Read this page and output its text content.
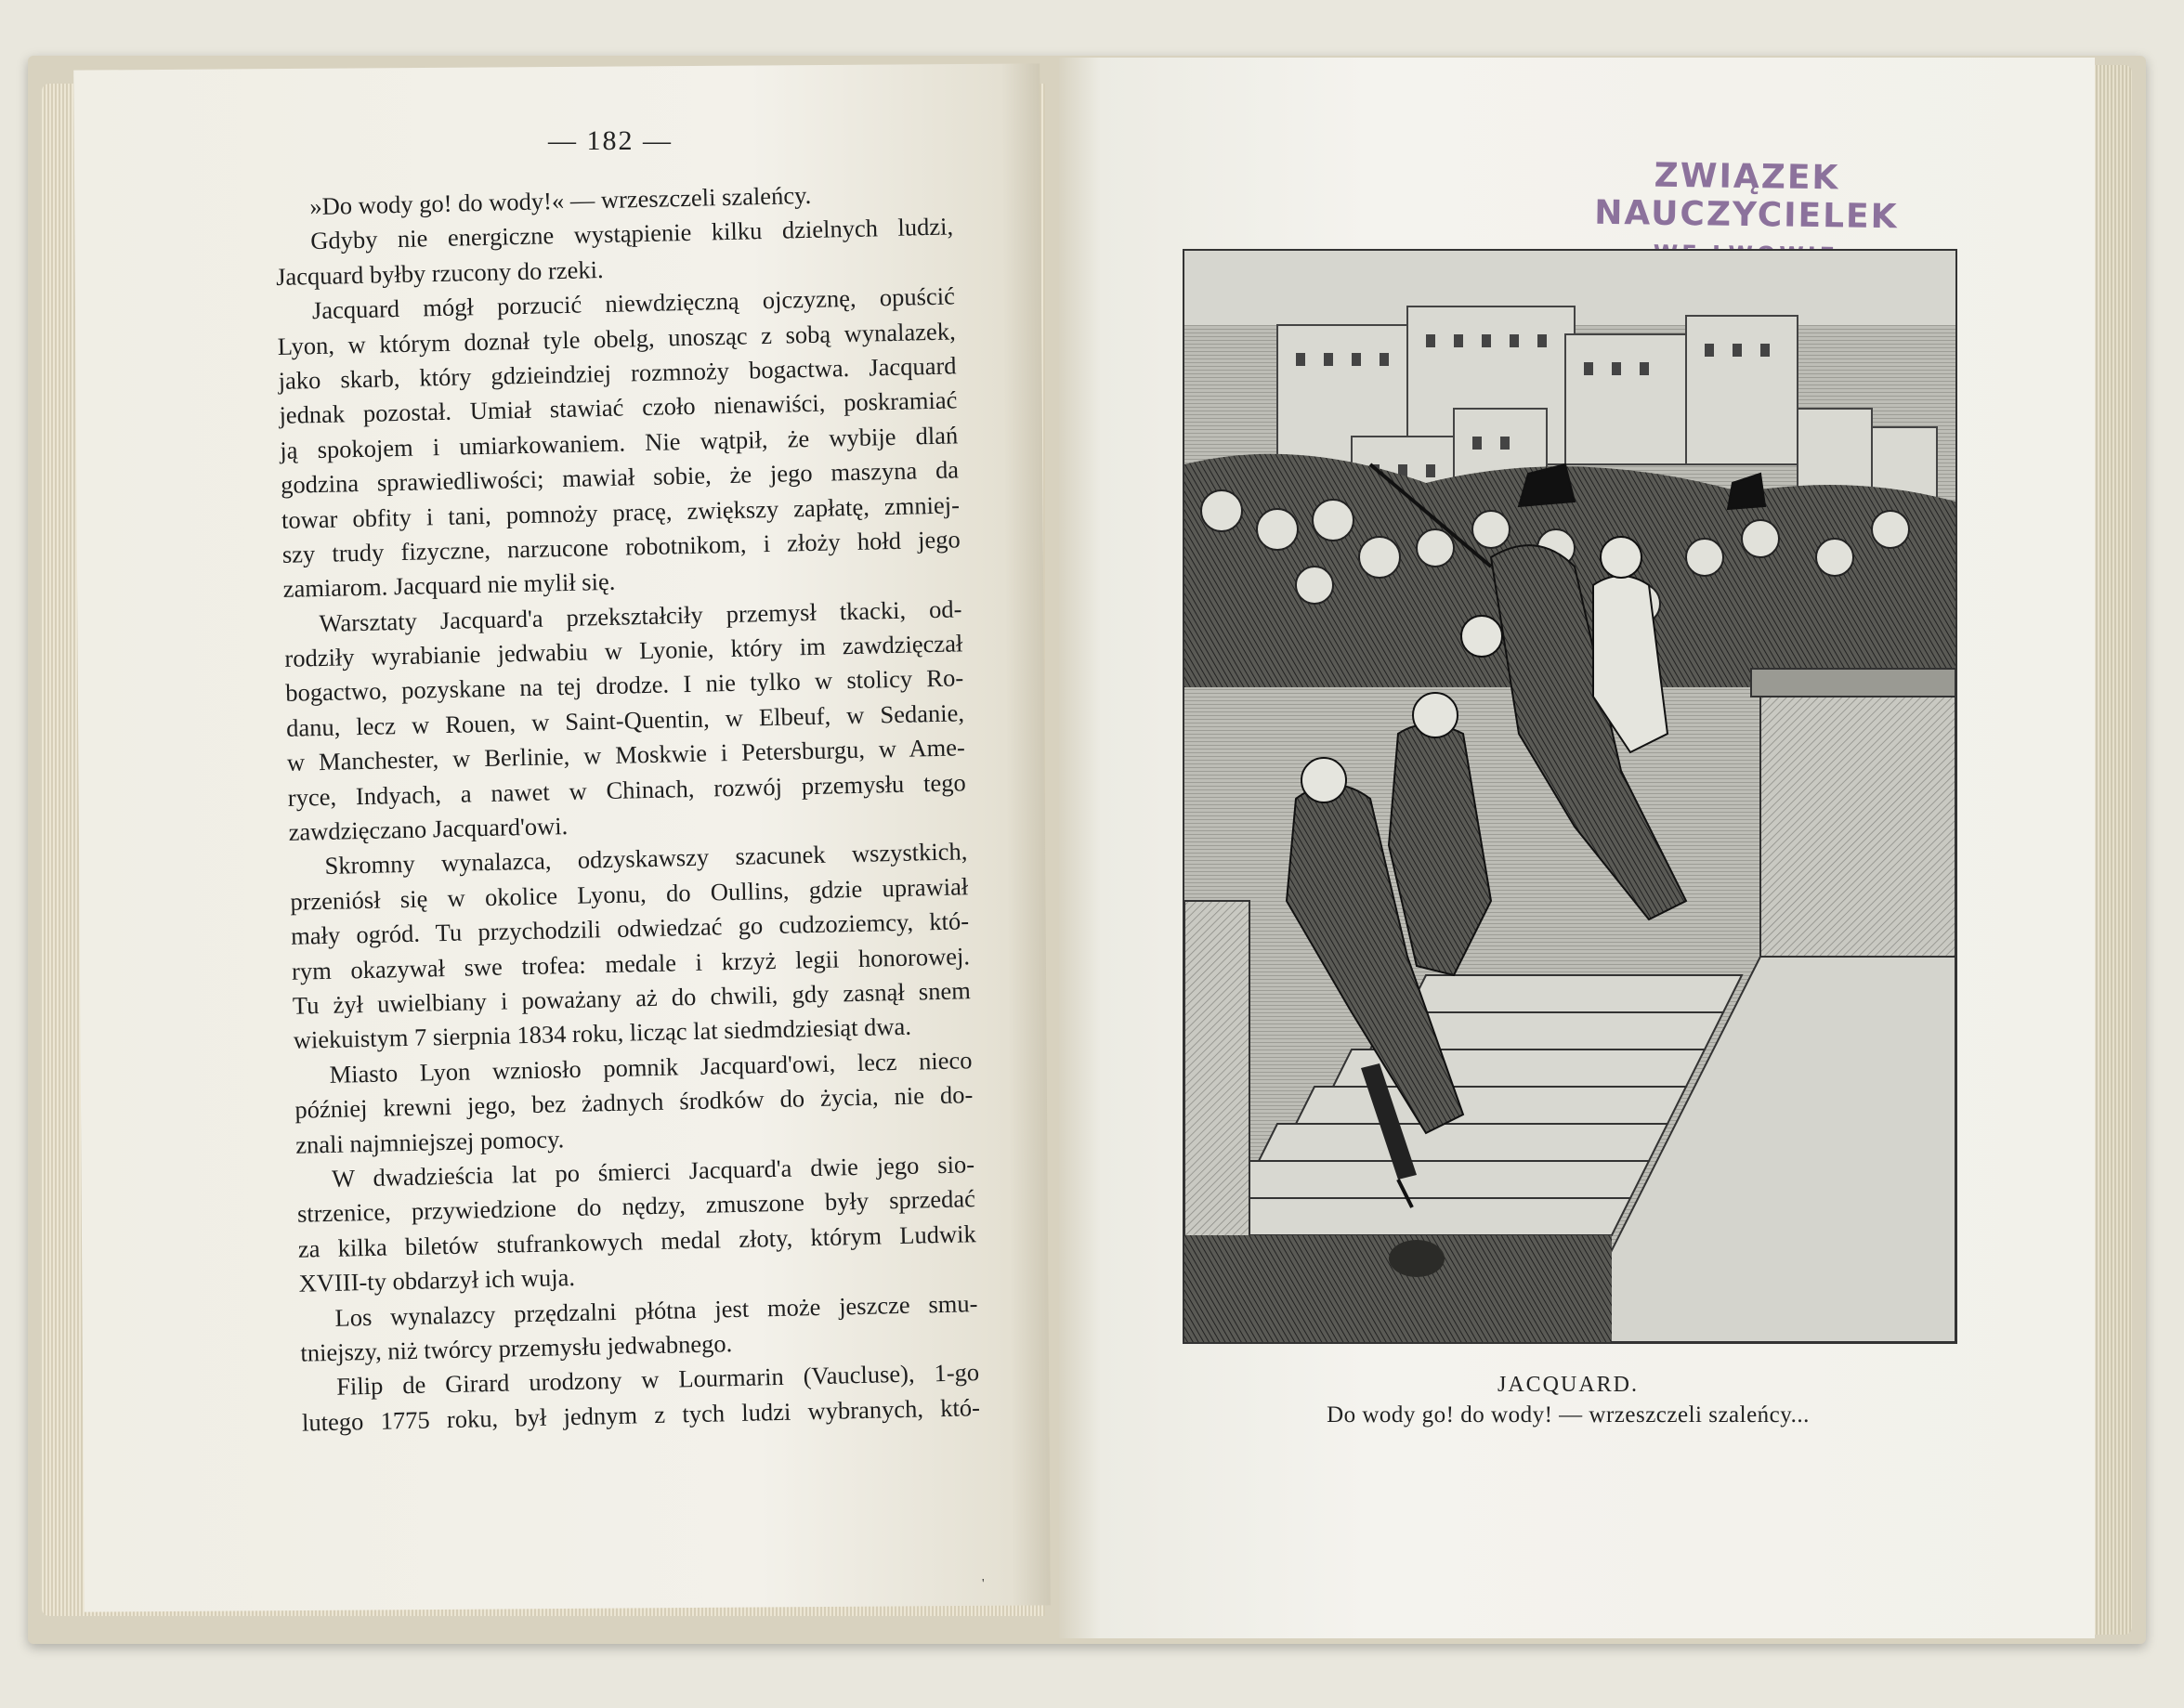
— 182 —
»Do wody go! do wody!« — wrzeszczeli szaleńcy.
Gdyby nie energiczne wystąpienie kilku dzielnych ludzi,
Jacquard byłby rzucony do rzeki.
Jacquard mógł porzucić niewdzięczną ojczyznę, opuścić
Lyon, w którym doznał tyle obelg, unosząc z sobą wynalazek,
jako skarb, który gdzieindziej rozmnoży bogactwa. Jacquard
jednak pozostał. Umiał stawiać czoło nienawiści, poskramiać
ją spokojem i umiarkowaniem. Nie wątpił, że wybije dlań
godzina sprawiedliwości; mawiał sobie, że jego maszyna da
towar obfity i tani, pomnoży pracę, zwiększy zapłatę, zmniej-
szy trudy fizyczne, narzucone robotnikom, i złoży hołd jego
zamiarom. Jacquard nie mylił się.
Warsztaty Jacquard'a przekształciły przemysł tkacki, od-
rodziły wyrabianie jedwabiu w Lyonie, który im zawdzięczał
bogactwo, pozyskane na tej drodze. I nie tylko w stolicy Ro-
danu, lecz w Rouen, w Saint-Quentin, w Elbeuf, w Sedanie,
w Manchester, w Berlinie, w Moskwie i Petersburgu, w Ame-
ryce, Indyach, a nawet w Chinach, rozwój przemysłu tego
zawdzięczano Jacquard'owi.
Skromny wynalazca, odzyskawszy szacunek wszystkich,
przeniósł się w okolice Lyonu, do Oullins, gdzie uprawiał
mały ogród. Tu przychodzili odwiedzać go cudzoziemcy, któ-
rym okazywał swe trofea: medale i krzyż legii honorowej.
Tu żył uwielbiany i poważany aż do chwili, gdy zasnął snem
wiekuistym 7 sierpnia 1834 roku, licząc lat siedmdziesiąt dwa.
Miasto Lyon wzniosło pomnik Jacquard'owi, lecz nieco
później krewni jego, bez żadnych środków do życia, nie do-
znali najmniejszej pomocy.
W dwadzieścia lat po śmierci Jacquard'a dwie jego sio-
strzenice, przywiedzione do nędzy, zmuszone były sprzedać
za kilka biletów stufrankowych medal złoty, którym Ludwik
XVIII-ty obdarzył ich wuja.
Los wynalazcy przędzalni płótna jest może jeszcze smu-
tniejszy, niż twórcy przemysłu jedwabnego.
Filip de Girard urodzony w Lourmarin (Vaucluse), 1-go
lutego 1775 roku, był jednym z tych ludzi wybranych, któ-
ZWIĄZEK NAUCZYCIELEK
JACQUARD.
Do wody go! do wody! — wrzeszczeli szaleńcy...
'
